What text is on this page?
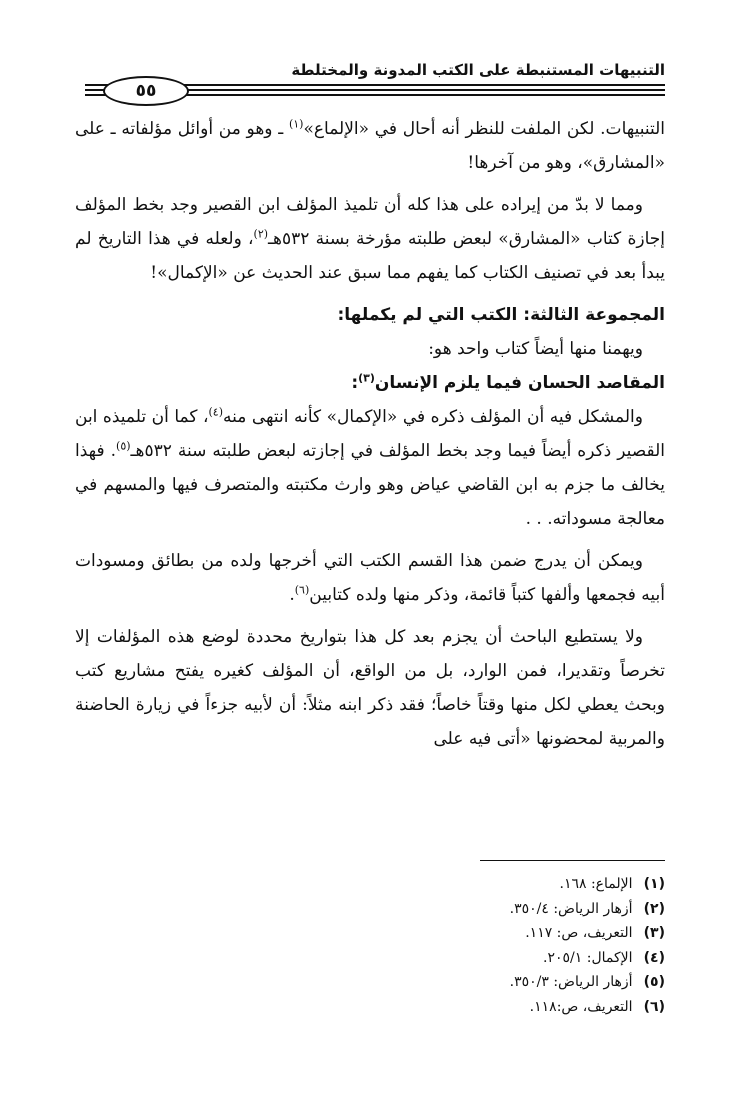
التنبيهات المستنبطة على الكتب المدونة والمختلطة
٥٥

التنبيهات. لكن الملفت للنظر أنه أحال في «الإلماع»$^{(١)}$ ـ وهو من أوائل مؤلفاته ـ على «المشارق»، وهو من آخرها!

ومما لا بدّ من إيراده على هذا كله أن تلميذ المؤلف ابن القصير وجد بخط المؤلف إجازة كتاب «المشارق» لبعض طلبته مؤرخة بسنة ٥٣٢هـ$^{(٢)}$، ولعله في هذا التاريخ لم يبدأ بعد في تصنيف الكتاب كما يفهم مما سبق عند الحديث عن «الإكمال»!

المجموعة الثالثة: الكتب التي لم يكملها:

ويهمنا منها أيضاً كتاب واحد هو:

المقاصد الحسان فيما يلزم الإنسان$^{(٣)}$:

والمشكل فيه أن المؤلف ذكره في «الإكمال» كأنه انتهى منه$^{(٤)}$، كما أن تلميذه ابن القصير ذكره أيضاً فيما وجد بخط المؤلف في إجازته لبعض طلبته سنة ٥٣٢هـ$^{(٥)}$. فهذا يخالف ما جزم به ابن القاضي عياض وهو وارث مكتبته والمتصرف فيها والمسهم في معالجة مسوداته. . .

ويمكن أن يدرج ضمن هذا القسم الكتب التي أخرجها ولده من بطائق ومسودات أبيه فجمعها وألفها كتباً قائمة، وذكر منها ولده كتابين$^{(٦)}$.

ولا يستطيع الباحث أن يجزم بعد كل هذا بتواريخ محددة لوضع هذه المؤلفات إلا تخرصاً وتقديرا، فمن الوارد، بل من الواقع، أن المؤلف كغيره يفتح مشاريع كتب وبحث يعطي لكل منها وقتاً خاصاً؛ فقد ذكر ابنه مثلاً: أن لأبيه جزءاً في زيارة الحاضنة والمربية لمحضونها «أتى فيه على

(١) الإلماع: ١٦٨.
(٢) أزهار الرياض: ٣٥٠/٤.
(٣) التعريف، ص: ١١٧.
(٤) الإكمال: ٢٠٥/١.
(٥) أزهار الرياض: ٣٥٠/٣.
(٦) التعريف، ص:١١٨.
